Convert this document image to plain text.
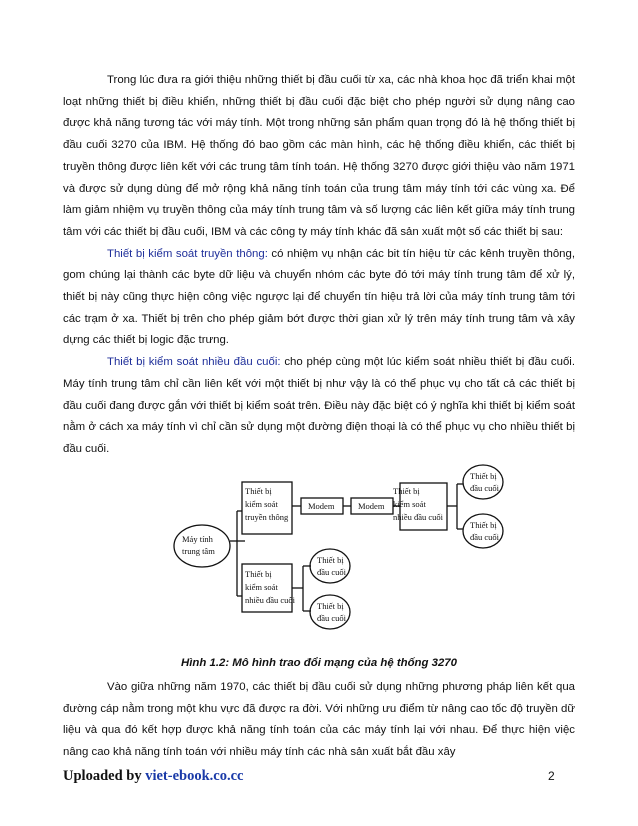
Trong lúc đưa ra giới thiệu những thiết bị đầu cuối từ xa, các nhà khoa học đã triển khai một loạt những thiết bị điều khiển, những thiết bị đầu cuối đặc biệt cho phép người sử dụng nâng cao được khả năng tương tác với máy tính. Một trong những sản phẩm quan trọng đó là hệ thống thiết bị đầu cuối 3270 của IBM. Hệ thống đó bao gồm các màn hình, các hệ thống điều khiển, các thiết bị truyền thông được liên kết với các trung tâm tính toán. Hệ thống 3270 được giới thiệu vào năm 1971 và được sử dụng dùng để mở rộng khả năng tính toán của trung tâm máy tính tới các vùng xa. Để làm giảm nhiệm vụ truyền thông của máy tính trung tâm và số lượng các liên kết giữa máy tính trung tâm với các thiết bị đầu cuối, IBM và các công ty máy tính khác đã sản xuất một số các thiết bị sau:

Thiết bị kiểm soát truyền thông: có nhiệm vụ nhận các bit tín hiệu từ các kênh truyền thông, gom chúng lại thành các byte dữ liệu và chuyển nhóm các byte đó tới máy tính trung tâm để xử lý, thiết bị này cũng thực hiện công việc ngược lại để chuyển tín hiệu trả lời của máy tính trung tâm tới các trạm ở xa. Thiết bị trên cho phép giảm bớt được thời gian xử lý trên máy tính trung tâm và xây dựng các thiết bị logic đặc trưng.

Thiết bị kiểm soát nhiều đầu cuối: cho phép cùng một lúc kiểm soát nhiều thiết bị đầu cuối. Máy tính trung tâm chỉ cần liên kết với một thiết bị như vậy là có thể phục vụ cho tất cả các thiết bị đầu cuối đang được gắn với thiết bị kiểm soát trên. Điều này đặc biệt có ý nghĩa khi thiết bị kiểm soát nằm ở cách xa máy tính vì chỉ cần sử dụng một đường điện thoại là có thể phục vụ cho nhiều thiết bị đầu cuối.

Máy tính
trung tâm
Thiết bị
kiểm soát
truyền thông
Modem	Modem
Thiết bị
kiểm soát
nhiều đầu cuối
Thiết bị
kiểm soát
nhiều đầu cuối
Thiết bị
đầu cuối
Thiết bị
đầu cuối
Thiết bị
đầu cuối
Thiết bị
đầu cuối
Hình 1.2: Mô hình trao đổi mạng của hệ thống 3270

Vào giữa những năm 1970, các thiết bị đầu cuối sử dụng những phương pháp liên kết qua đường cáp nằm trong một khu vực đã được ra đời. Với những ưu điểm từ nâng cao tốc độ truyền dữ liệu và qua đó kết hợp được khả năng tính toán của các máy tính lại với nhau. Để thực hiện việc nâng cao khả năng tính toán với nhiều máy tính các nhà sản xuất bắt đầu xây

Uploaded by viet-ebook.co.cc	2
